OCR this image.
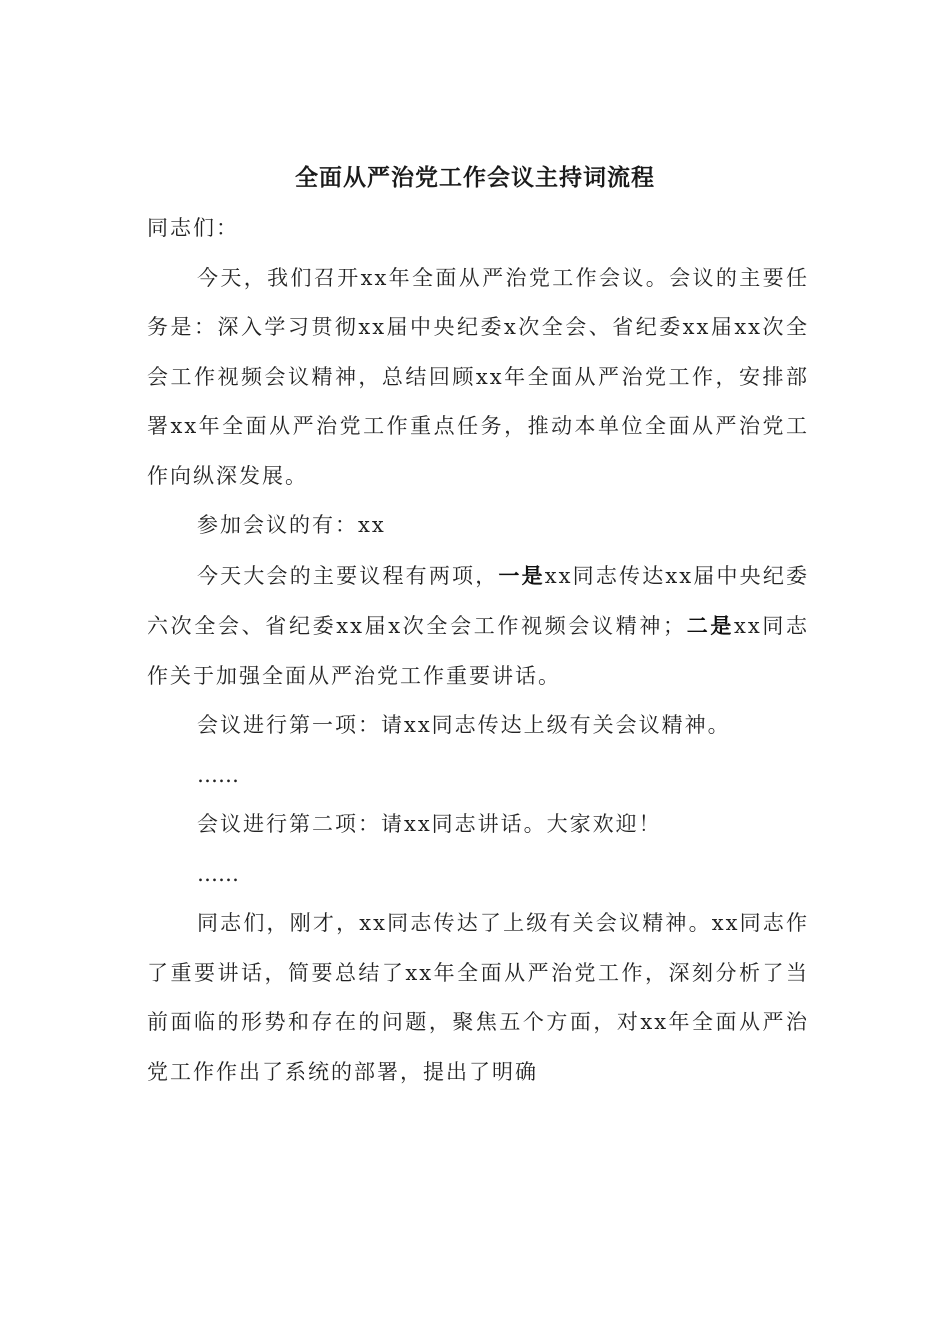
全面从严治党工作会议主持词流程

同志们：

今天，我们召开xx年全面从严治党工作会议。会议的主要任务是：深入学习贯彻xx届中央纪委x次全会、省纪委xx届xx次全会工作视频会议精神，总结回顾xx年全面从严治党工作，安排部署xx年全面从严治党工作重点任务，推动本单位全面从严治党工作向纵深发展。

参加会议的有：xx

今天大会的主要议程有两项，一是xx同志传达xx届中央纪委六次全会、省纪委xx届x次全会工作视频会议精神；二是xx同志作关于加强全面从严治党工作重要讲话。

会议进行第一项：请xx同志传达上级有关会议精神。

……

会议进行第二项：请xx同志讲话。大家欢迎！

……

同志们，刚才，xx同志传达了上级有关会议精神。xx同志作了重要讲话，简要总结了xx年全面从严治党工作，深刻分析了当前面临的形势和存在的问题，聚焦五个方面，对xx年全面从严治党工作作出了系统的部署，提出了明确
